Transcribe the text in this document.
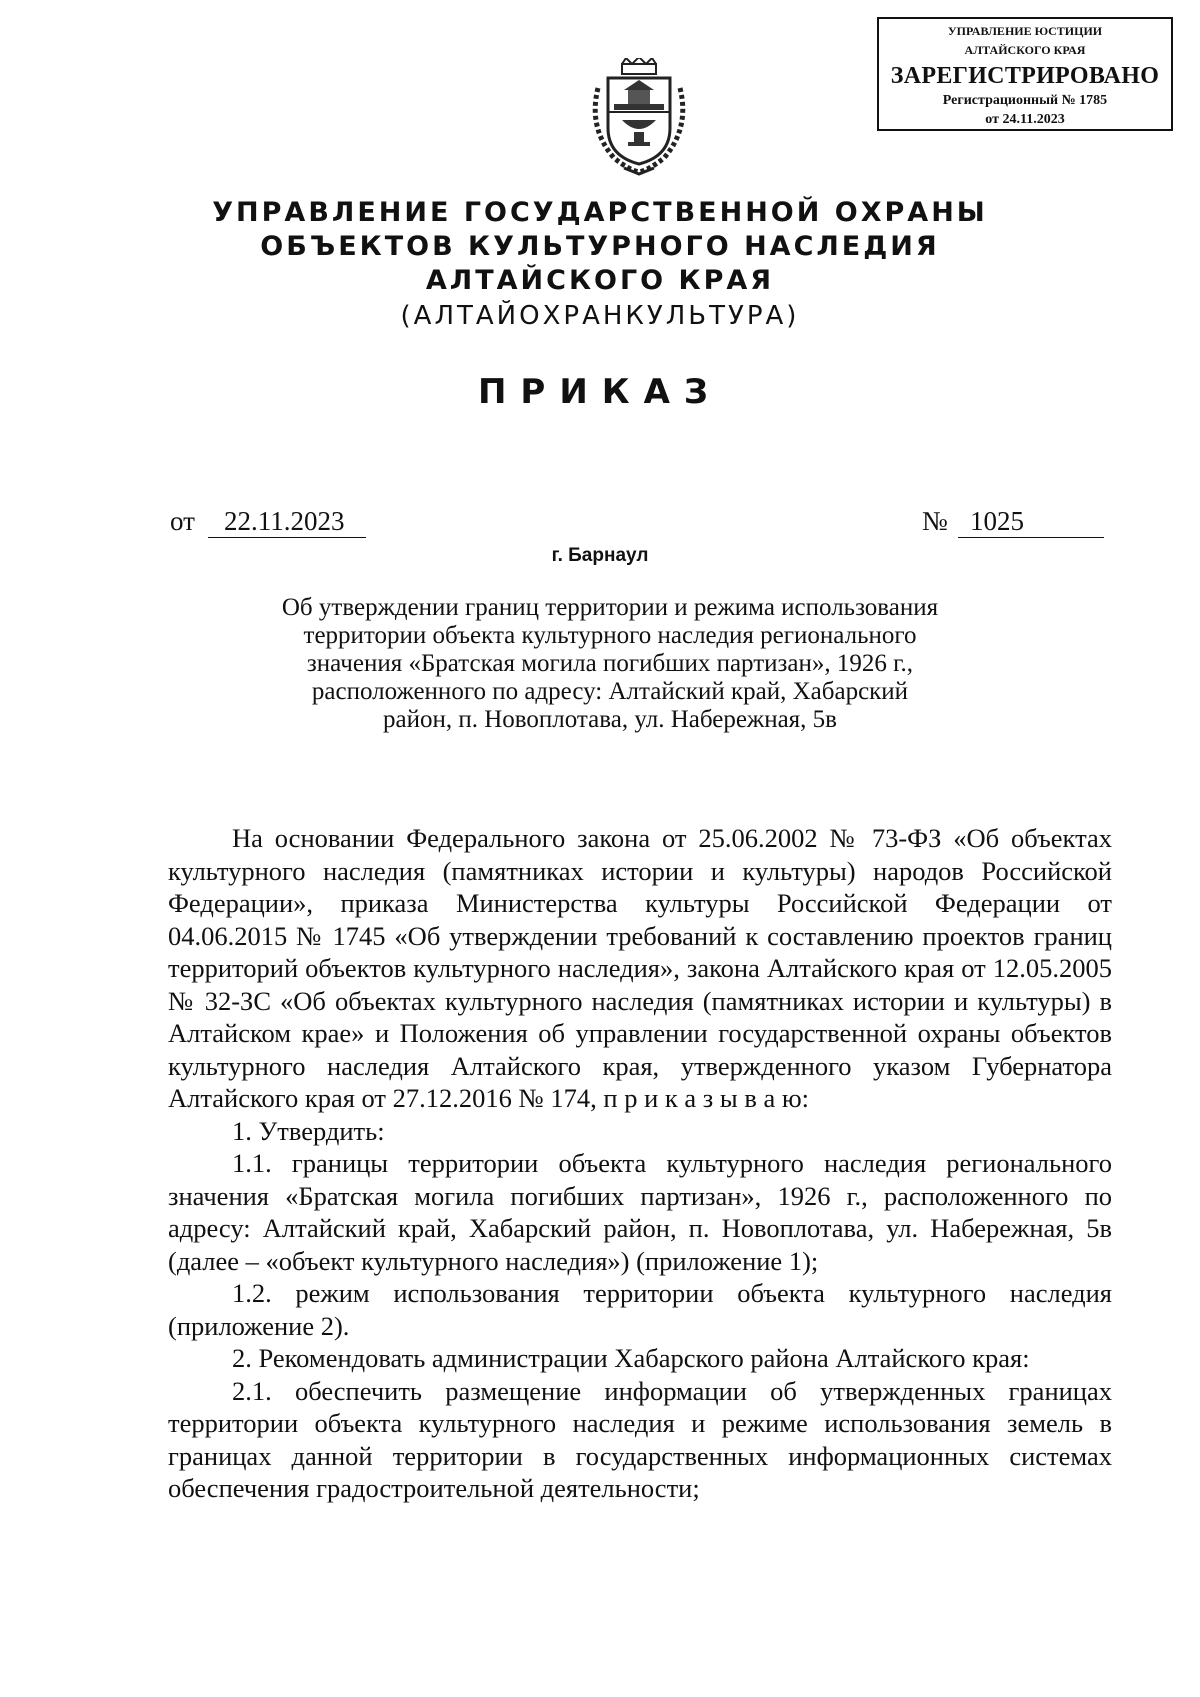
УПРАВЛЕНИЕ ЮСТИЦИИ
АЛТАЙСКОГО КРАЯ
ЗАРЕГИСТРИРОВАНО
Регистрационный № 1785
от 24.11.2023
УПРАВЛЕНИЕ ГОСУДАРСТВЕННОЙ ОХРАНЫ
ОБЪЕКТОВ КУЛЬТУРНОГО НАСЛЕДИЯ
АЛТАЙСКОГО КРАЯ
(АЛТАЙОХРАНКУЛЬТУРА)
ПРИКАЗ
от	22.11.2023	№ 1025
г. Барнаул
Об утверждении границ территории и режима использования
территории объекта культурного наследия регионального
значения «Братская могила погибших партизан», 1926 г.,
расположенного по адресу: Алтайский край, Хабарский
район, п. Новоплотава, ул. Набережная, 5в

На основании Федерального закона от 25.06.2002 № 73-ФЗ «Об объектах культурного наследия (памятниках истории и культуры) народов Российской Федерации», приказа Министерства культуры Российской Федерации от 04.06.2015 № 1745 «Об утверждении требований к составлению проектов границ территорий объектов культурного наследия», закона Алтайского края от 12.05.2005 № 32-ЗС «Об объектах культурного наследия (памятниках истории и культуры) в Алтайском крае» и Положения об управлении государственной охраны объектов культурного наследия Алтайского края, утвержденного указом Губернатора Алтайского края от 27.12.2016 № 174, п р и к а з ы в а ю:

1. Утвердить:

1.1. границы территории объекта культурного наследия регионального значения «Братская могила погибших партизан», 1926 г., расположенного по адресу: Алтайский край, Хабарский район, п. Новоплотава, ул. Набережная, 5в (далее – «объект культурного наследия») (приложение 1);

1.2. режим использования территории объекта культурного наследия (приложение 2).

2. Рекомендовать администрации Хабарского района Алтайского края:

2.1. обеспечить размещение информации об утвержденных границах территории объекта культурного наследия и режиме использования земель в границах данной территории в государственных информационных системах обеспечения градостроительной деятельности;
